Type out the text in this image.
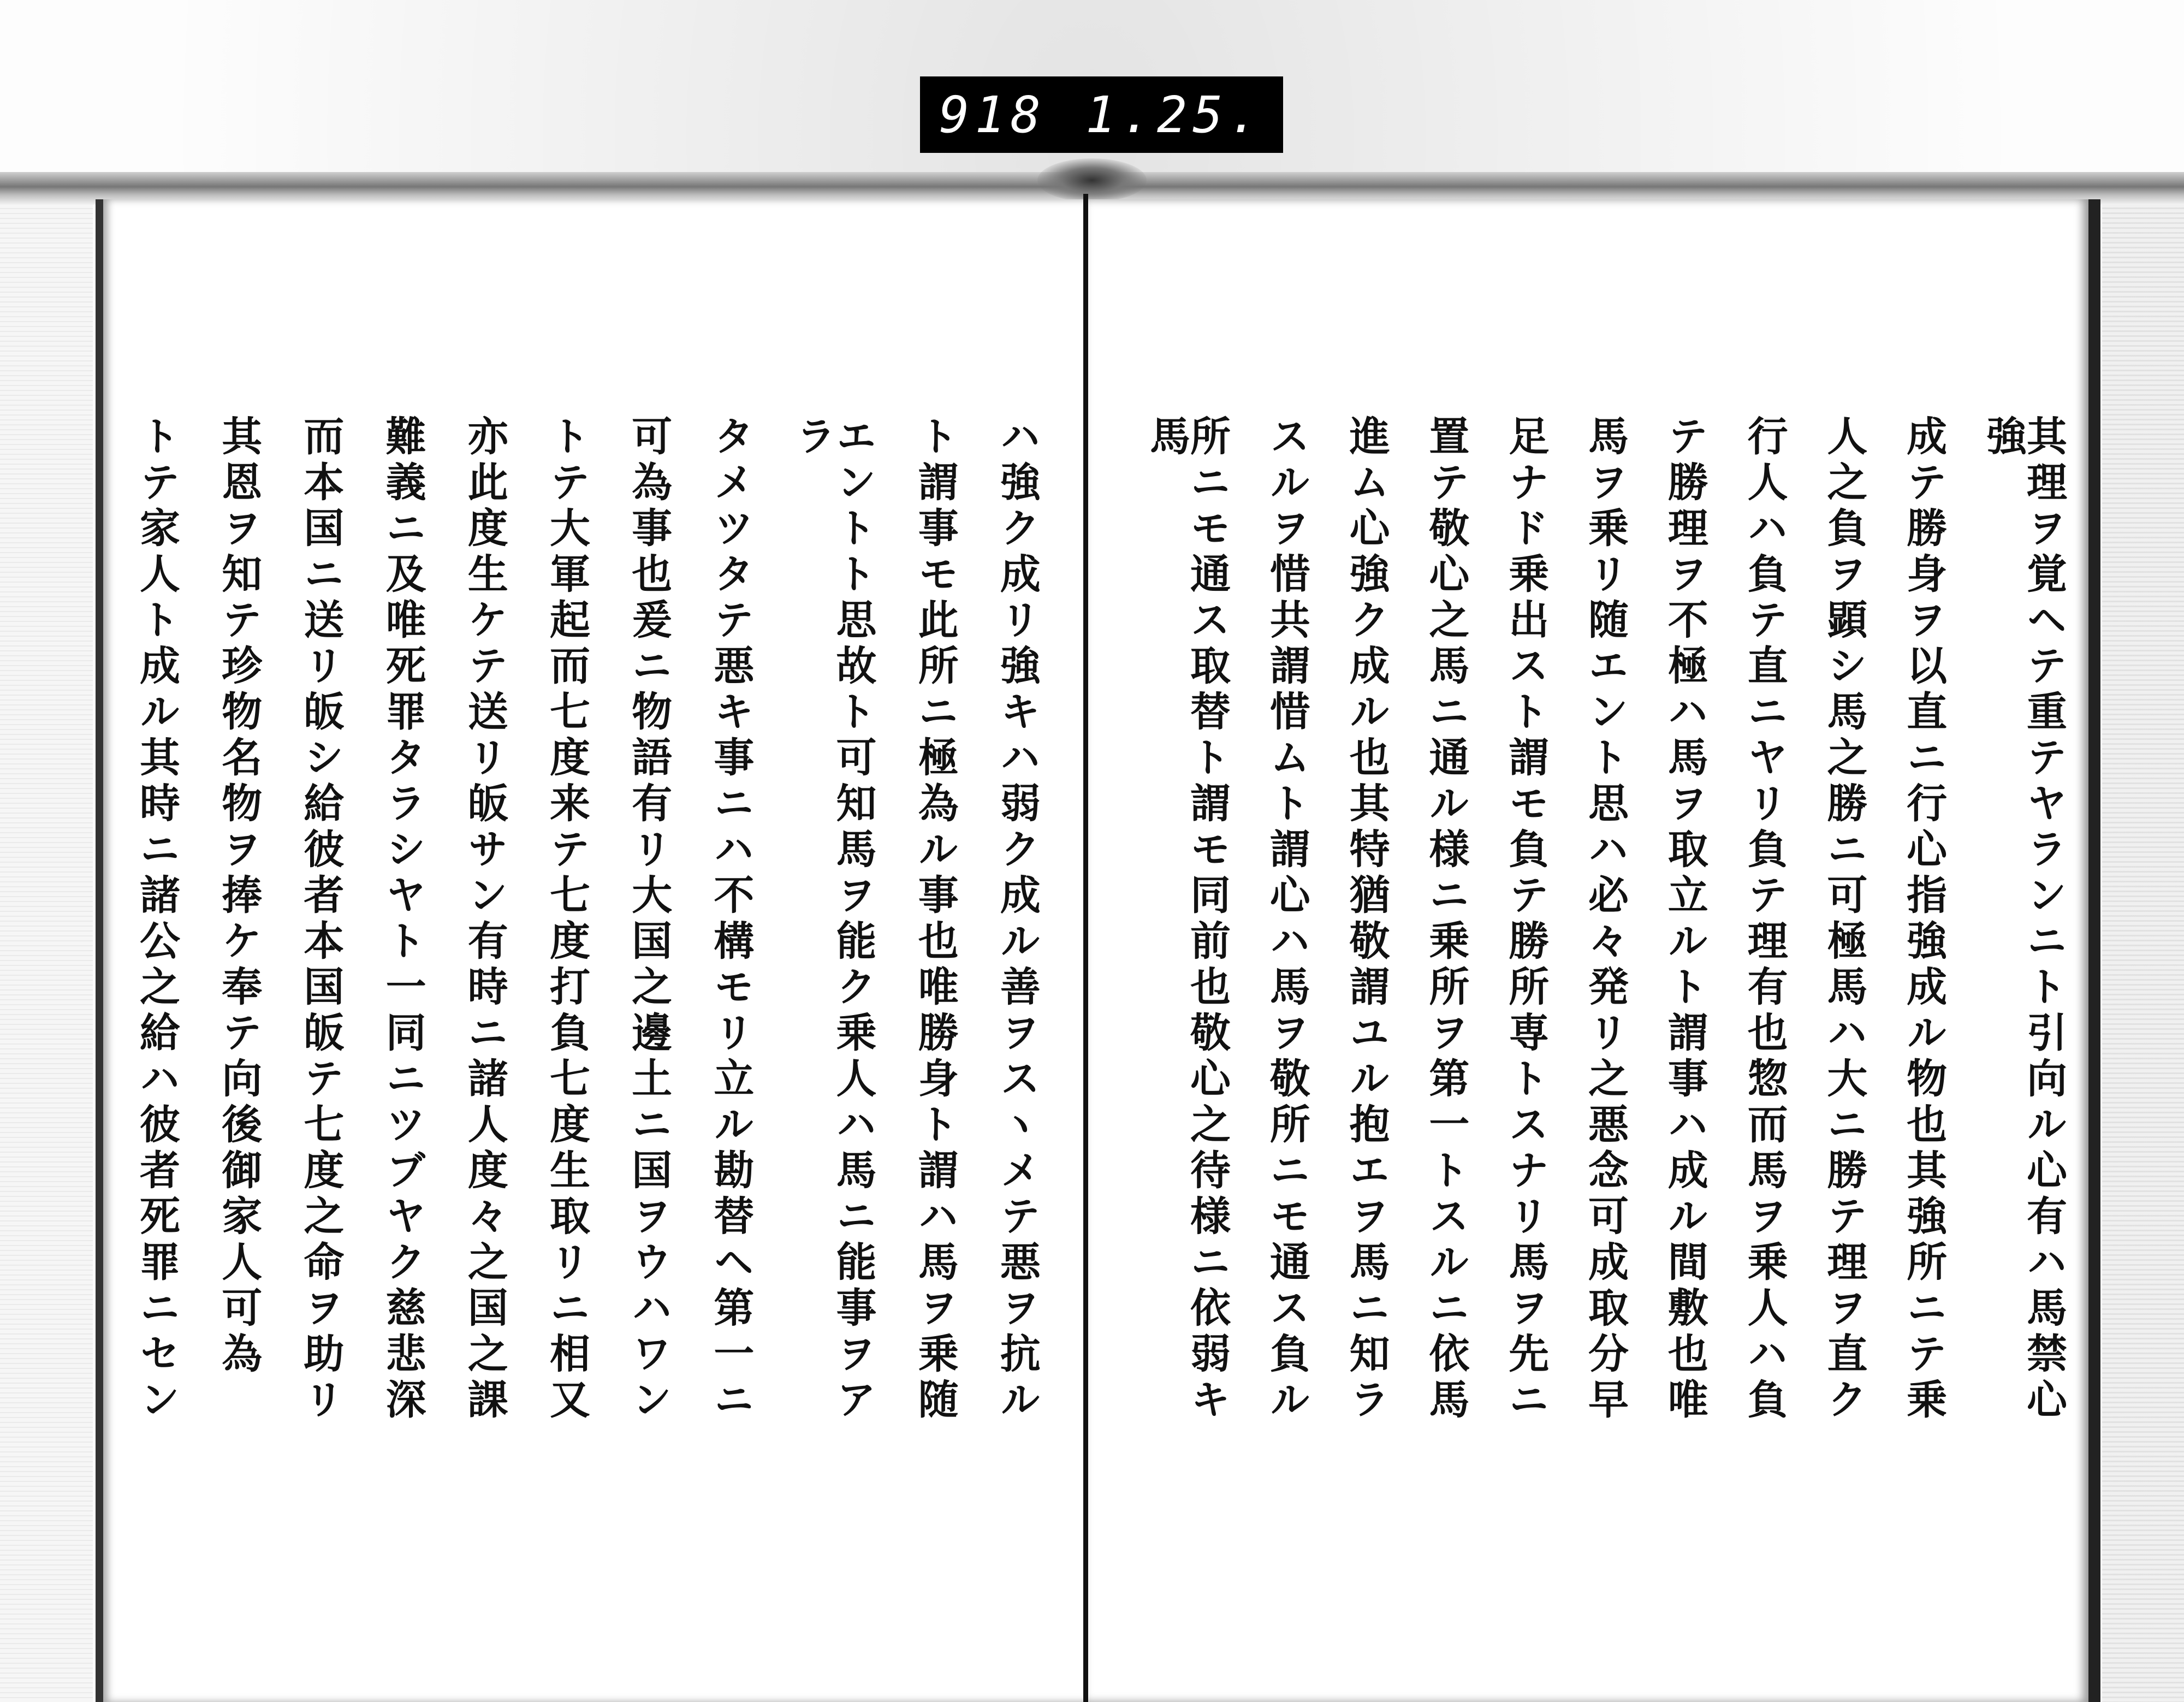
918 1.25.
其理ヲ覚ヘテ重テヤランニト引向ル心有ハ馬禁心強
成テ勝身ヲ以直ニ行心指強成ル物也其強所ニテ乗
人之負ヲ顕シ馬之勝ニ可極馬ハ大ニ勝テ理ヲ直ク
行人ハ負テ直ニヤリ負テ理有也惣而馬ヲ乗人ハ負
テ勝理ヲ不極ハ馬ヲ取立ルト謂事ハ成ル間敷也唯
馬ヲ乗リ随エント思ハ必々発リ之悪念可成取分早
足ナド乗出スト謂モ負テ勝所専トスナリ馬ヲ先ニ
置テ敬心之馬ニ通ル様ニ乗所ヲ第一トスルニ依馬
進ム心強ク成ル也其特猶敬謂ユル抱エヲ馬ニ知ラ
スルヲ惜共謂惜ムト謂心ハ馬ヲ敬所ニモ通ス負ル
所ニモ通ス取替ト謂モ同前也敬心之待様ニ依弱キ馬
ハ強ク成リ強キハ弱ク成ル善ヲスヽメテ悪ヲ抗ル
ト謂事モ此所ニ極為ル事也唯勝身ト謂ハ馬ヲ乗随
エントト思故ト可知馬ヲ能ク乗人ハ馬ニ能事ヲアラ
タメツタテ悪キ事ニハ不構モリ立ル勘替ヘ第一ニ
可為事也爰ニ物語有リ大国之邊土ニ国ヲウハワン
トテ大軍起而七度来テ七度打負七度生取リニ相又
亦此度生ケテ送リ皈サン有時ニ諸人度々之国之課
難義ニ及唯死罪タラシヤト一同ニツブヤク慈悲深
而本国ニ送リ皈シ給彼者本国皈テ七度之命ヲ助リ
其恩ヲ知テ珍物名物ヲ捧ケ奉テ向後御家人可為
トテ家人ト成ル其時ニ諸公之給ハ彼者死罪ニセン
